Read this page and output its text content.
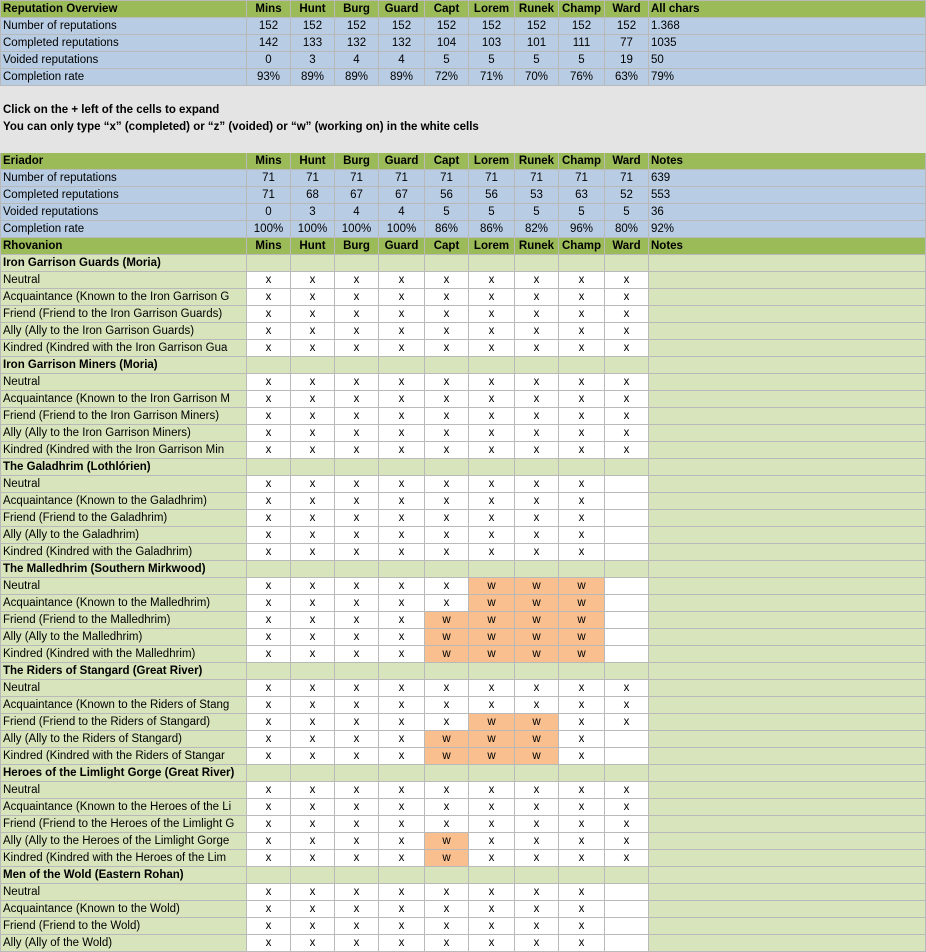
Reputation Overview	Mins	Hunt	Burg	Guard	Capt	Lorem	Runek	Champ	Ward	All chars
Number of reputations	152	152	152	152	152	152	152	152	152	1.368
Completed reputations	142	133	132	132	104	103	101	111	77	1035
Voided reputations	0	3	4	4	5	5	5	5	19	50
Completion rate	93%	89%	89%	89%	72%	71%	70%	76%	63%	79%

Click on the + left of the cells to expand
You can only type “x” (completed) or “z” (voided) or “w” (working on) in the white cells										

Eriador	Mins	Hunt	Burg	Guard	Capt	Lorem	Runek	Champ	Ward	Notes
Number of reputations	71	71	71	71	71	71	71	71	71	639
Completed reputations	71	68	67	67	56	56	53	63	52	553
Voided reputations	0	3	4	4	5	5	5	5	5	36
Completion rate	100%	100%	100%	100%	86%	86%	82%	96%	80%	92%
Rhovanion	Mins	Hunt	Burg	Guard	Capt	Lorem	Runek	Champ	Ward	Notes
Iron Garrison Guards (Moria)										
Neutral	x	x	x	x	x	x	x	x	x	
Acquaintance (Known to the Iron Garrison G	x	x	x	x	x	x	x	x	x	
Friend (Friend to the Iron Garrison Guards)	x	x	x	x	x	x	x	x	x	
Ally (Ally to the Iron Garrison Guards)	x	x	x	x	x	x	x	x	x	
Kindred (Kindred with the Iron Garrison Gua	x	x	x	x	x	x	x	x	x	
Iron Garrison Miners (Moria)										
Neutral	x	x	x	x	x	x	x	x	x	
Acquaintance (Known to the Iron Garrison M	x	x	x	x	x	x	x	x	x	
Friend (Friend to the Iron Garrison Miners)	x	x	x	x	x	x	x	x	x	
Ally (Ally to the Iron Garrison Miners)	x	x	x	x	x	x	x	x	x	
Kindred (Kindred with the Iron Garrison Min	x	x	x	x	x	x	x	x	x	
The Galadhrim (Lothlórien)										
Neutral	x	x	x	x	x	x	x	x		
Acquaintance (Known to the Galadhrim)	x	x	x	x	x	x	x	x		
Friend (Friend to the Galadhrim)	x	x	x	x	x	x	x	x		
Ally (Ally to the Galadhrim)	x	x	x	x	x	x	x	x		
Kindred (Kindred with the Galadhrim)	x	x	x	x	x	x	x	x		
The Malledhrim (Southern Mirkwood)										
Neutral	x	x	x	x	x	w	w	w		
Acquaintance (Known to the Malledhrim)	x	x	x	x	x	w	w	w		
Friend (Friend to the Malledhrim)	x	x	x	x	w	w	w	w		
Ally (Ally to the Malledhrim)	x	x	x	x	w	w	w	w		
Kindred (Kindred with the Malledhrim)	x	x	x	x	w	w	w	w		
The Riders of Stangard (Great River)										
Neutral	x	x	x	x	x	x	x	x	x	
Acquaintance (Known to the Riders of Stang	x	x	x	x	x	x	x	x	x	
Friend (Friend to the Riders of Stangard)	x	x	x	x	x	w	w	x	x	
Ally (Ally to the Riders of Stangard)	x	x	x	x	w	w	w	x		
Kindred (Kindred with the Riders of Stangar	x	x	x	x	w	w	w	x		
Heroes of the Limlight Gorge (Great River)										
Neutral	x	x	x	x	x	x	x	x	x	
Acquaintance (Known to the Heroes of the Li	x	x	x	x	x	x	x	x	x	
Friend (Friend to the Heroes of the Limlight G	x	x	x	x	x	x	x	x	x	
Ally (Ally to the Heroes of the Limlight Gorge	x	x	x	x	w	x	x	x	x	
Kindred (Kindred with the Heroes of the Lim	x	x	x	x	w	x	x	x	x	
Men of the Wold (Eastern Rohan)										
Neutral	x	x	x	x	x	x	x	x		
Acquaintance (Known to the Wold)	x	x	x	x	x	x	x	x		
Friend (Friend to the Wold)	x	x	x	x	x	x	x	x		
Ally (Ally of the Wold)	x	x	x	x	x	x	x	x		
